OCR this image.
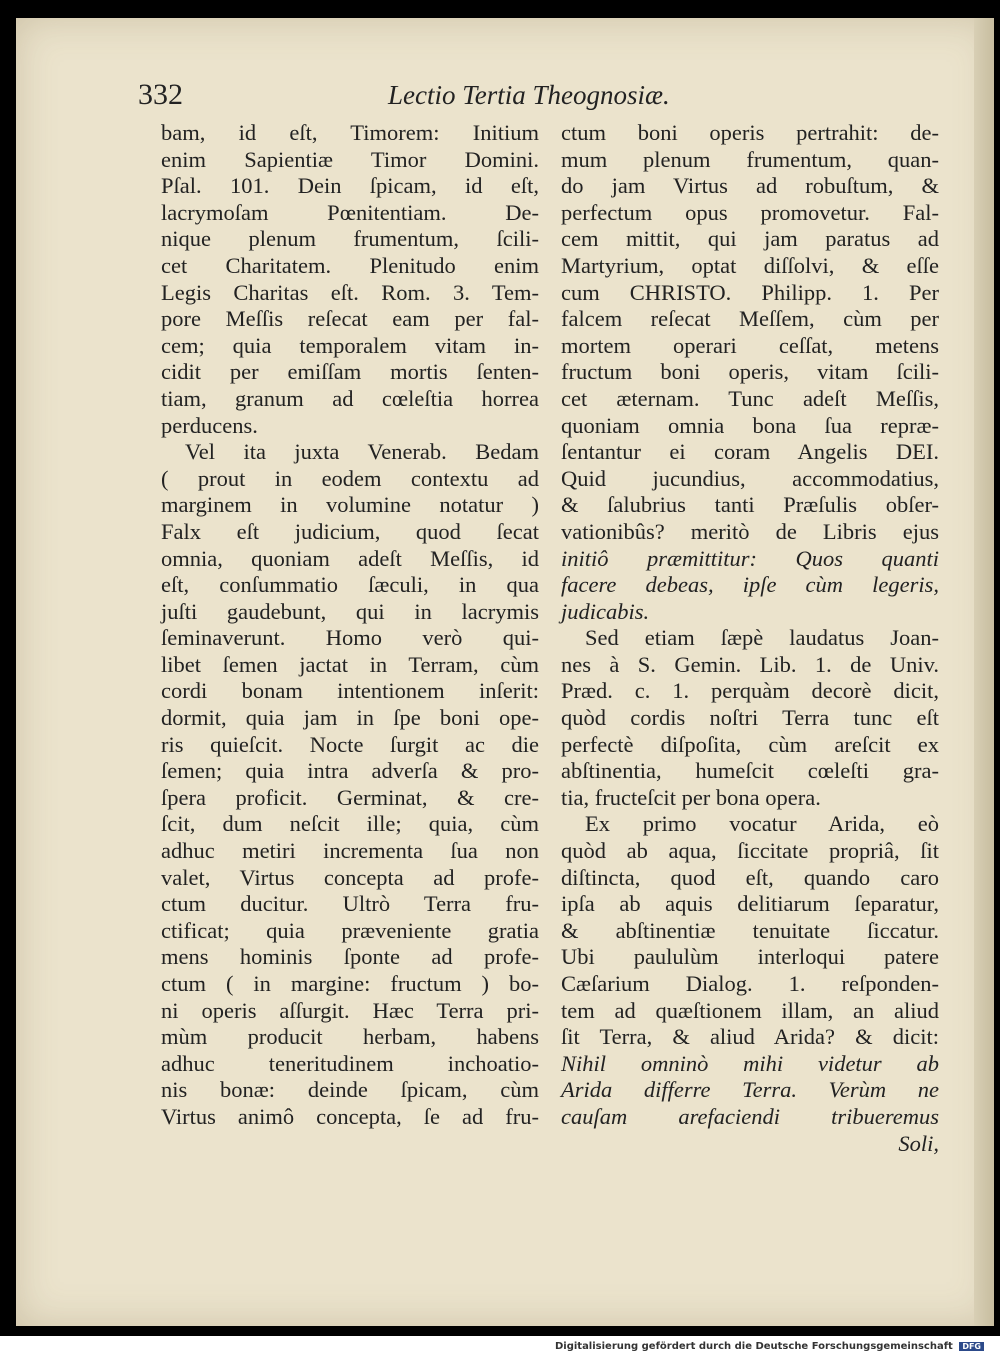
332	Lectio Tertia Theognosiæ.
bam, id eſt, Timorem: Initium
enim Sapientiæ Timor Domini.
Pſal. 101. Dein ſpicam, id eſt,
lacrymoſam Pœnitentiam. De-
nique plenum frumentum, ſcili-
cet Charitatem. Plenitudo enim
Legis Charitas eſt. Rom. 3. Tem-
pore Meſſis reſecat eam per fal-
cem; quia temporalem vitam in-
cidit per emiſſam mortis ſenten-
tiam, granum ad cœleſtia horrea
perducens.
Vel ita juxta Venerab. Bedam
( prout in eodem contextu ad
marginem in volumine notatur )
Falx eſt judicium, quod ſecat
omnia, quoniam adeſt Meſſis, id
eſt, conſummatio ſæculi, in qua
juſti gaudebunt, qui in lacrymis
ſeminaverunt. Homo verò qui-
libet ſemen jactat in Terram, cùm
cordi bonam intentionem inſerit:
dormit, quia jam in ſpe boni ope-
ris quieſcit. Nocte ſurgit ac die
ſemen; quia intra adverſa & pro-
ſpera proficit. Germinat, & cre-
ſcit, dum neſcit ille; quia, cùm
adhuc metiri incrementa ſua non
valet, Virtus concepta ad profe-
ctum ducitur. Ultrò Terra fru-
ctificat; quia præveniente gratia
mens hominis ſponte ad profe-
ctum ( in margine: fructum ) bo-
ni operis aſſurgit. Hæc Terra pri-
mùm producit herbam, habens
adhuc teneritudinem inchoatio-
nis bonæ: deinde ſpicam, cùm
Virtus animô concepta, ſe ad fru-
ctum boni operis pertrahit: de-
mum plenum frumentum, quan-
do jam Virtus ad robuſtum, &
perfectum opus promovetur. Fal-
cem mittit, qui jam paratus ad
Martyrium, optat diſſolvi, & eſſe
cum CHRISTO. Philipp. 1. Per
falcem reſecat Meſſem, cùm per
mortem operari ceſſat, metens
fructum boni operis, vitam ſcili-
cet æternam. Tunc adeſt Meſſis,
quoniam omnia bona ſua repræ-
ſentantur ei coram Angelis DEI.
Quid jucundius, accommodatius,
& ſalubrius tanti Præſulis obſer-
vationibûs? meritò de Libris ejus
initiô præmittitur: Quos quanti
facere debeas, ipſe cùm legeris,
judicabis.
Sed etiam ſæpè laudatus Joan-
nes à S. Gemin. Lib. 1. de Univ.
Præd. c. 1. perquàm decorè dicit,
quòd cordis noſtri Terra tunc eſt
perfectè diſpoſita, cùm areſcit ex
abſtinentia, humeſcit cœleſti gra-
tia, fructeſcit per bona opera.
Ex primo vocatur Arida, eò
quòd ab aqua, ſiccitate propriâ, ſit
diſtincta, quod eſt, quando caro
ipſa ab aquis delitiarum ſeparatur,
& abſtinentiæ tenuitate ſiccatur.
Ubi paululùm interloqui patere
Cæſarium Dialog. 1. reſponden-
tem ad quæſtionem illam, an aliud
ſit Terra, & aliud Arida? & dicit:
Nihil omninò mihi videtur ab
Arida differre Terra. Verùm ne
cauſam arefaciendi tribueremus
Soli,
Digitalisierung gefördert durch die Deutsche Forschungsgemeinschaft DFG
